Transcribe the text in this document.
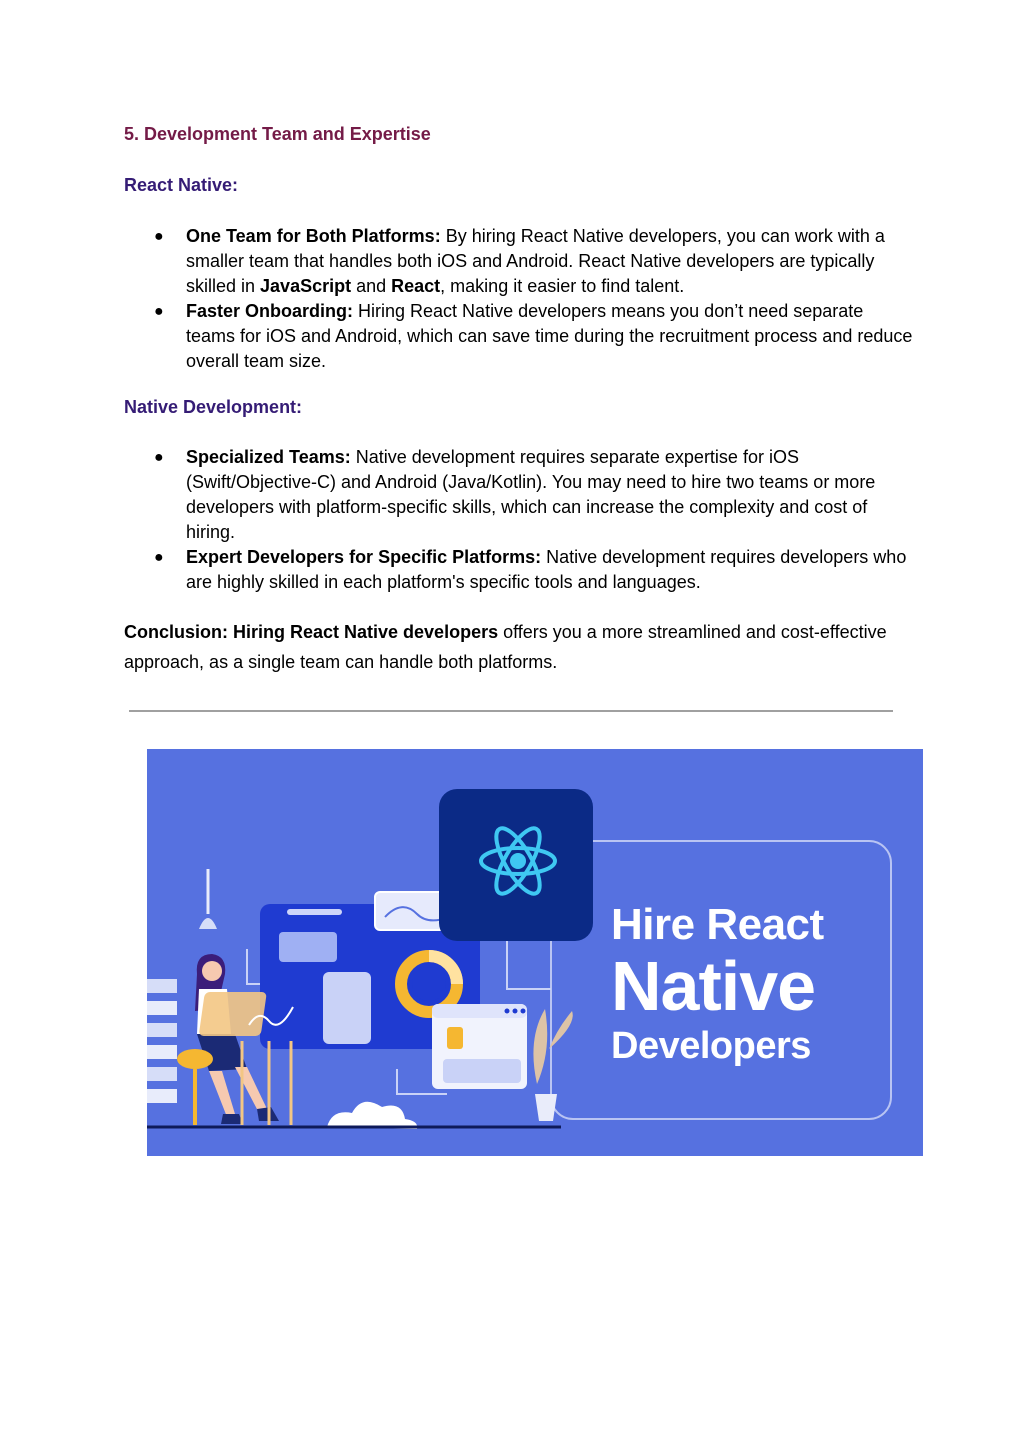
5. Development Team and Expertise
React Native:
● One Team for Both Platforms: By hiring React Native developers, you can work with a smaller team that handles both iOS and Android. React Native developers are typically skilled in JavaScript and React, making it easier to find talent.
● Faster Onboarding: Hiring React Native developers means you don’t need separate teams for iOS and Android, which can save time during the recruitment process and reduce overall team size.
Native Development:
● Specialized Teams: Native development requires separate expertise for iOS (Swift/Objective-C) and Android (Java/Kotlin). You may need to hire two teams or more developers with platform-specific skills, which can increase the complexity and cost of hiring.
● Expert Developers for Specific Platforms: Native development requires developers who are highly skilled in each platform's specific tools and languages.

Conclusion: Hiring React Native developers offers you a more streamlined and cost-effective approach, as a single team can handle both platforms.

Hire React
Native
Developers
